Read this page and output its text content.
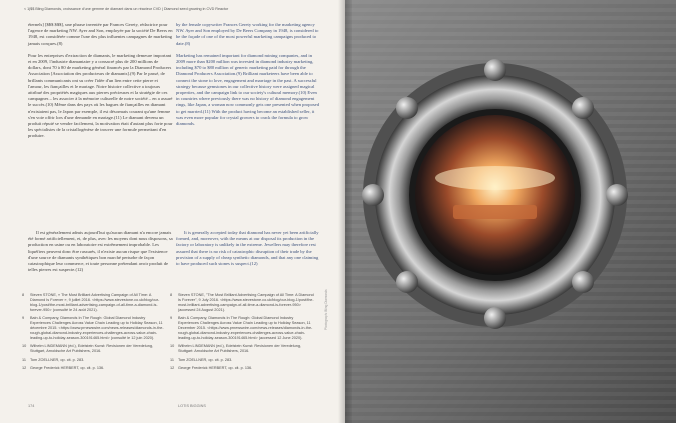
< 1|$$ Bling Diamonds, croissance d'une gemme de diamant dans un réacteur CVD | Diamond seed growing in CVD Reactor

éternels] [$$$ $$$], une phrase inventée par Frances Gerety, rédactrice pour l'agence de marketing NW. Ayer and Son, employée par la société De Beers en 1948, est considérée comme l'une des plus influentes campagnes de marketing jamais conçues.(8)

Pour les entreprises d'extraction de diamants, le marketing demeure important et en 2009, l'industrie diamantaire y a consacré plus de 200 millions de dollars, dont 70 à 80 de marketing général financés par la Diamond Producers Association [Association des producteurs de diamants].(9) Par le passé, de brillants communicants ont su créer l'idée d'un lien entre cette pierre et l'amour, les fiançailles et le mariage. Notre histoire collective a toujours attribué des propriétés magiques aux pierres précieuses et la stratégie de ces campagnes – les associer à la mémoire culturelle de notre société – en a assuré le succès.(10) Même dans des pays où les bagues de fiançailles en diamant n'existaient pas, le Japon par exemple, il est désormais courant qu'une femme s'en voie offrir lors d'une demande en mariage.(11) Le diamant devenu un produit réputé se vendre facilement, la motivation était d'autant plus forte pour les spécialistes de la cristallogénèse de trouver une formule permettant d'en produire.

by the female copywriter Frances Gerety working for the marketing agency NW. Ayer and Son employed by De Beers Company in 1948, is considered to be the façade of one of the most powerful marketing campaigns produced to date.(8)

Marketing has remained important for diamond mining companies, and in 2009 more than $200 million was invested in diamond industry marketing, including $70 to $80 million of generic marketing paid for through the Diamond Producers Association.(9) Brilliant marketeers have been able to connect the stone to love, engagement and marriage in the past. A successful strategy because gemstones in our collective history were assigned magical properties, and the campaign link to our society's cultural memory.(10) Even in countries where previously there was no history of diamond engagement rings, like Japan, a woman now commonly gets one presented when proposed to get married.(11) With the product having become an established seller, it was even more popular for crystal growers to crack the formula to grow diamonds.

Il est généralement admis aujourd'hui qu'aucun diamant n'a encore jamais été formé artificiellement, et, de plus, avec les moyens dont nous disposons, sa production en usine ou en laboratoire est extrêmement improbable. Les liquéfiers peuvent donc être rassurés, il n'existe aucun risque que l'existence d'une source de diamants synthétiques bon marché perturbe de façon catastrophique leur commerce, et toute personne prétendant avoir produit de telles pierres est suspecte.(12)

It is generally accepted today that diamond has never yet been artificially formed, and, moreover, with the means at our disposal its production in the factory or laboratory is unlikely in the extreme. Jewellers may therefore rest assured that there is no risk of catastrophic disruption of their trade by the provision of a supply of cheap synthetic diamonds, and that any one claiming to have produced such stones is suspect.(12)

8	Steven STONE, « The Most Brilliant Advertising Campaign of All Time: A Diamond Is Forever », 9 juillet 2016. <https://www.stevestone.co.uk/blog/our-blog-1/post/the-most-brilliant-advertising-campaign-of-all-time-a-diamond-is-forever-950> (consulté le 24 août 2021).
9	Bain & Company, Diamonds In The Rough: Global Diamond Industry Experiences Challenges Across Value Chain Leading up to Holiday Season, 11 décembre 2015. <https://www.prnewswire.com/news-releases/diamonds-in-the-rough-global-diamond-industry-experiences-challenges-across-value-chain-leading-up-to-holiday-season-300191465.html> (consulté le 12 juin 2020).
10 Wilhelm LINDEMANN (éd.), Edelstein Kunst: Revisionen der Veredelung, Stuttgart, Arnoldsche Art Publishers, 2016.
11	Tom ZOELLNER, op. cit. p. 283.
12 George Frederick HERBERT, op. cit. p. 136.
8	Steven STONE, "The Most Brilliant Advertising Campaign of All Time: A Diamond Is Forever", 9 July 2016. <https://www.stevestone.co.uk/blog/our-blog-1/post/the-most-brilliant-advertising-campaign-of-all-time-a-diamond-is-forever-950> (accessed 24 August 2021).
9	Bain & Company, Diamonds In The Rough: Global Diamond Industry Experiences Challenges Across Value Chain Leading up to Holiday Season, 11 December 2015. <https://www.prnewswire.com/news-releases/diamonds-in-the-rough-global-diamond-industry-experiences-challenges-across-value-chain-leading-up-to-holiday-season-300191465.html> (accessed 12 June 2020).
10 Wilhelm LINDEMANN (ed.), Edelstein Kunst: Revisionen der Veredelung, Stuttgart: Arnoldsche Art Publishers, 2016.
11	Tom ZOELLNER, op. cit. p. 283.
12 George Frederick HERBERT, op. cit. p. 136.
174	LOTIS BIGGINS
Photograph: Bling Diamonds
